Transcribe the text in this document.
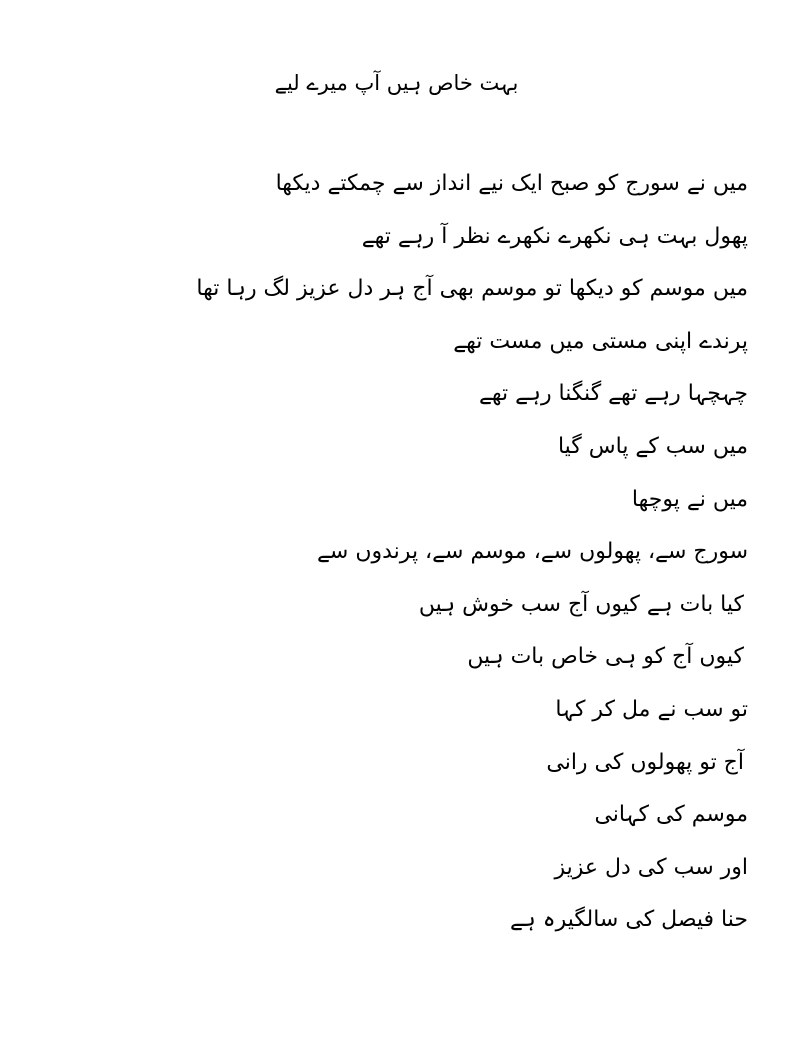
بہت خاص ہیں آپ میرے لیے
میں نے سورج کو صبح ایک نیے انداز سے چمکتے دیکھا
پھول بہت ہی نکھرے نکھرے نظر آ رہے تھے
میں موسم کو دیکھا تو موسم بھی آج ہر دل عزیز لگ رہا تھا
پرندے اپنی مستی میں مست تھے
چہچہا رہے تھے گنگنا رہے تھے
میں سب کے پاس گیا
میں نے پوچھا
سورج سے، پھولوں سے، موسم سے، پرندوں سے
کیا بات ہے کیوں آج سب خوش ہیں
کیوں آج کو ہی خاص بات ہیں
تو سب نے مل کر کہا
آج تو پھولوں کی رانی
موسم کی کہانی
اور سب کی دل عزیز
حنا فیصل کی سالگیرہ ہے
